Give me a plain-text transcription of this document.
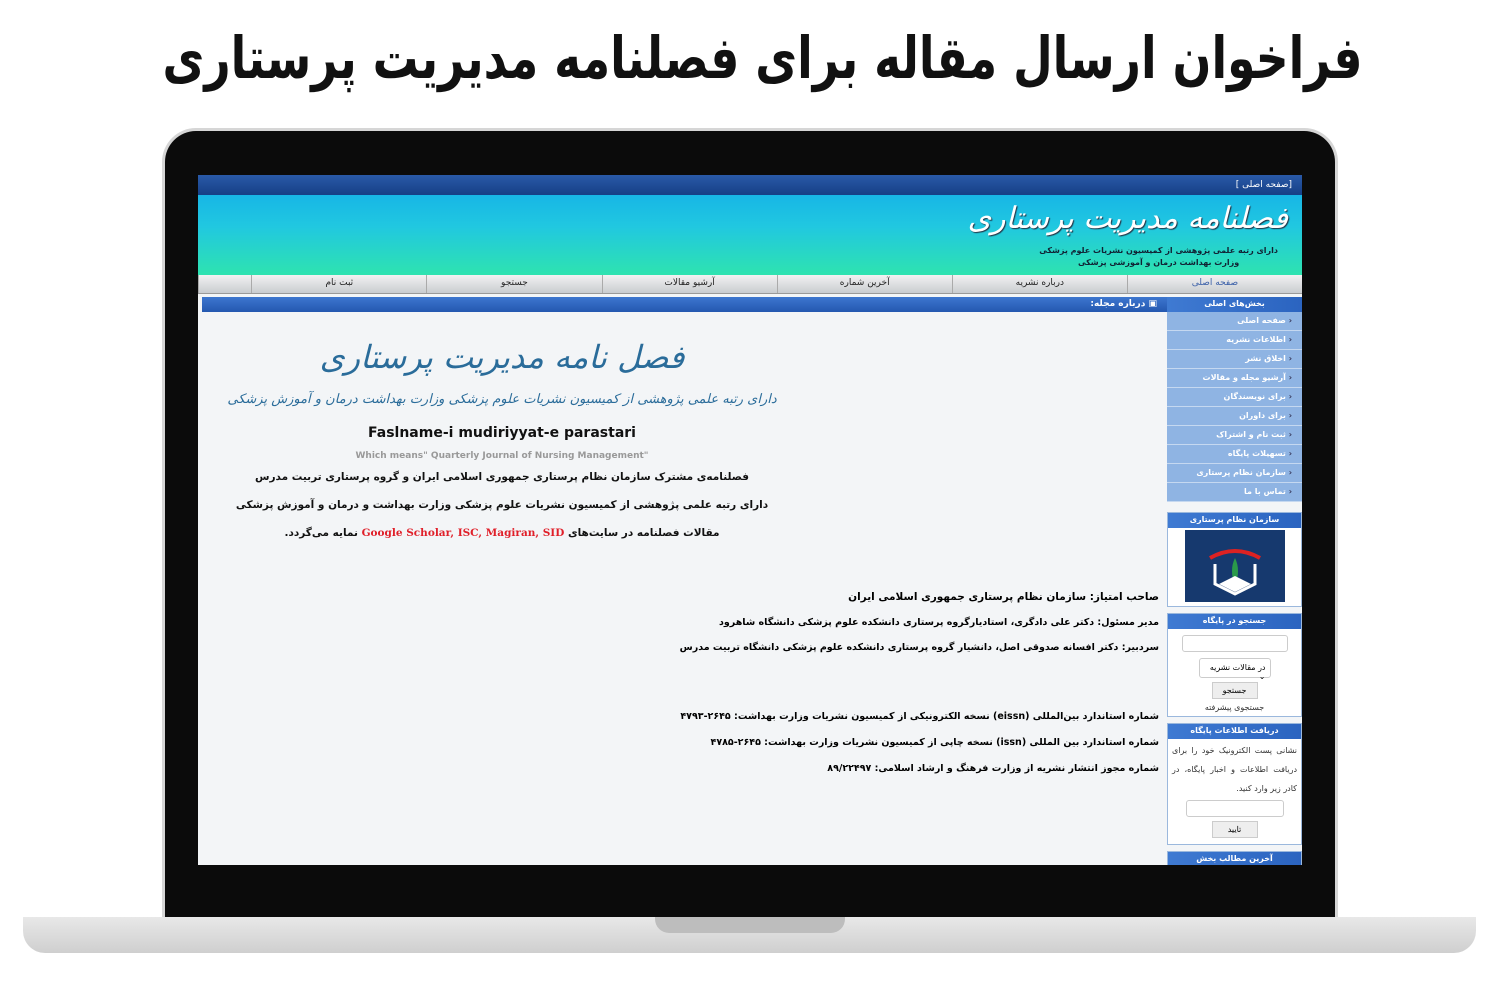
فراخوان ارسال مقاله برای فصلنامه مدیریت پرستاری
[صفحه اصلی ]
فصلنامه مدیریت پرستاری
دارای رتبه علمی پژوهشی از کمیسیون نشریات علوم پزشکی
وزارت بهداشت درمان و آموزشی پزشکی
صفحه اصلی
درباره نشریه
آخرین شماره
آرشیو مقالات
جستجو
ثبت نام
بخش‌های اصلی
‹ صفحه اصلی
‹ اطلاعات نشریه
‹ اخلاق نشر
‹ آرشیو مجله و مقالات
‹ برای نویسندگان
‹ برای داوران
‹ ثبت نام و اشتراک
‹ تسهیلات پایگاه
‹ سازمان نظام پرستاری
‹ تماس با ما
سازمان نظام پرستاری
جستجو در پایگاه
در مقالات نشریه ⌄
جستجو
جستجوی پیشرفته
دریافت اطلاعات پایگاه
نشانی پست الکترونیک خود را برای دریافت اطلاعات و اخبار پایگاه، در کادر زیر وارد کنید.
تایید
آخرین مطالب بخش
▣ درباره مجله:
فصل نامه مدیریت پرستاری
دارای رتبه علمی پژوهشی از کمیسیون نشریات علوم پزشکی وزارت بهداشت درمان و آموزش پزشکی
Faslname-i mudiriyyat-e parastari
Which means" Quarterly Journal of Nursing Management"
فصلنامه‌ی مشترک سازمان نظام پرستاری جمهوری اسلامی ایران و گروه پرستاری تربیت مدرس
دارای رتبه علمی پژوهشی از کمیسیون نشریات علوم پزشکی وزارت بهداشت و درمان و آموزش پزشکی
مقالات فصلنامه در سایت‌های Google Scholar, ISC, Magiran, SID نمایه می‌گردد.
صاحب امتیاز: سازمان نظام پرستاری جمهوری اسلامی ایران
مدیر مسئول: دکتر علی دادگری، استادیارگروه پرستاری دانشکده علوم پزشکی دانشگاه شاهرود
سردبیر: دکتر افسانه صدوقی اصل، دانشیار گروه پرستاری دانشکده علوم پزشکی دانشگاه تربیت مدرس
شماره استاندارد بین‌المللی (eissn) نسخه الکترونیکی از کمیسیون نشریات وزارت بهداشت: ۲۶۴۵-۴۷۹۳
شماره استاندارد بین المللی (issn) نسخه چاپی از کمیسیون نشریات وزارت بهداشت: ۲۶۴۵-۴۷۸۵
شماره مجوز انتشار نشریه از وزارت فرهنگ و ارشاد اسلامی: ۸۹/۲۲۴۹۷
